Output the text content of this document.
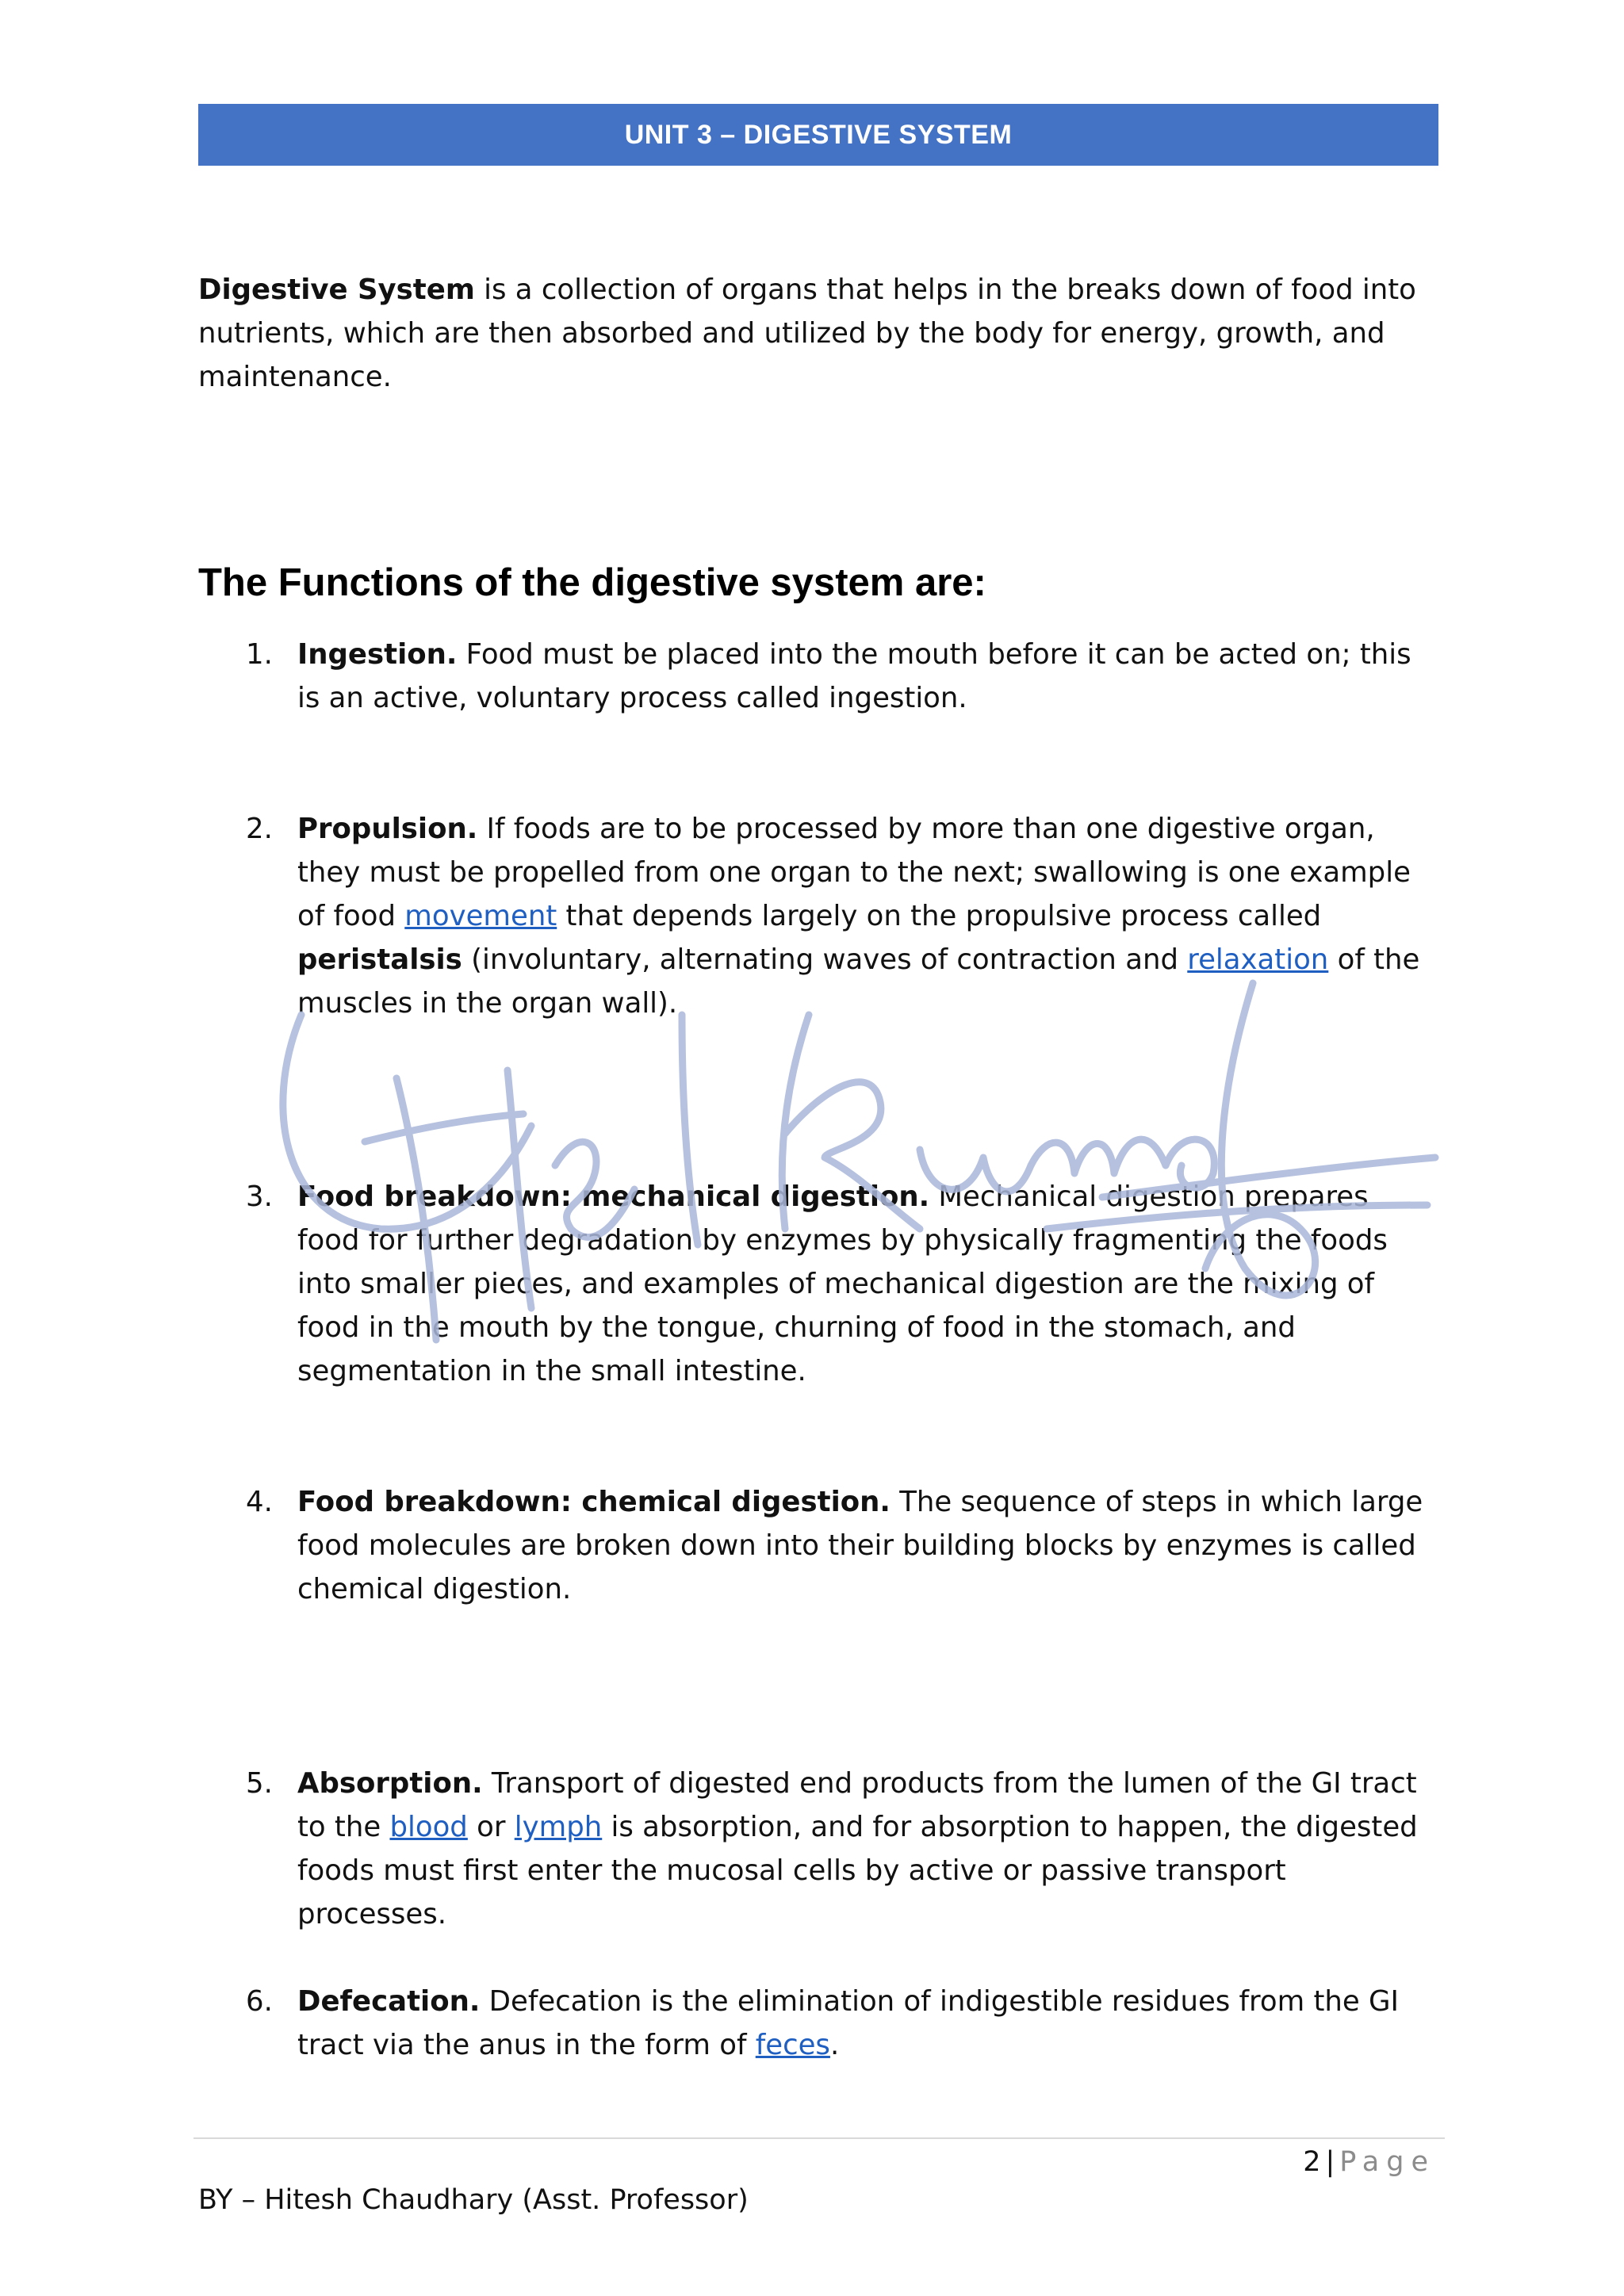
UNIT 3 – DIGESTIVE SYSTEM
Digestive System is a collection of organs that helps in the breaks down of food into nutrients, which are then absorbed and utilized by the body for energy, growth, and maintenance.
The Functions of the digestive system are:
1. Ingestion. Food must be placed into the mouth before it can be acted on; this is an active, voluntary process called ingestion.
2. Propulsion. If foods are to be processed by more than one digestive organ, they must be propelled from one organ to the next; swallowing is one example of food movement that depends largely on the propulsive process called peristalsis (involuntary, alternating waves of contraction and relaxation of the muscles in the organ wall).
3. Food breakdown: mechanical digestion. Mechanical digestion prepares food for further degradation by enzymes by physically fragmenting the foods into smaller pieces, and examples of mechanical digestion are the mixing of food in the mouth by the tongue, churning of food in the stomach, and segmentation in the small intestine.
4. Food breakdown: chemical digestion. The sequence of steps in which large food molecules are broken down into their building blocks by enzymes is called chemical digestion.
5. Absorption. Transport of digested end products from the lumen of the GI tract to the blood or lymph is absorption, and for absorption to happen, the digested foods must first enter the mucosal cells by active or passive transport processes.
6. Defecation. Defecation is the elimination of indigestible residues from the GI tract via the anus in the form of feces.
2 | Page
BY – Hitesh Chaudhary (Asst. Professor)
